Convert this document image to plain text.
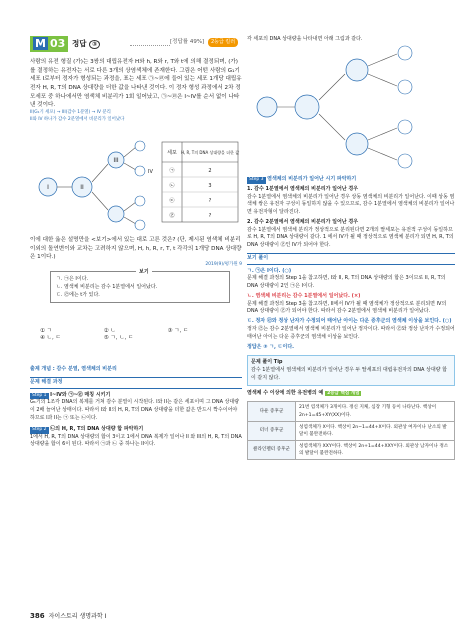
M 03 정답 ③	[정답률 49%]	2등급 킬러

사람의 유전 형질 (가)는 3쌍의 대립유전자 H와 h, R와 r, T와 t에 의해 결정되며, (가)를 결정하는 유전자는 서로 다른 3개의 상염색체에 존재한다. 그림은 어떤 사람의 G₁기 세포 I로부터 정자가 형성되는 과정을, 표는 세포 ㉠~㉣에 들어 있는 세포 1개당 대립유전자 H, R, T의 DNA 상대량을 더한 값을 나타낸 것이다. 이 정자 형성 과정에서 2차 정모세포 중 하나에서만 염색체 비분리가 1회 일어났고, ㉠~㉣은 I~IV를 순서 없이 나타낸 것이다.

II(G₁기 세포) → III(감수 1분열) → IV 분리

II와 IV 하나가 감수 2분열에서 비분리가 일어났다

I	II
III
IV
세포 H, R, T의 DNA 상대량을 더한 값
㉠	2
㉡	3
㉢	?
㉣	?

이에 대한 옳은 설명만을 <보기>에서 있는 대로 고른 것은? (단, 제시된 염색체 비분리 이외의 돌연변이와 교차는 고려하지 않으며, H, h, R, r, T, t 각각의 1개당 DNA 상대량은 1이다.)

2019(9)/평가원 9

보기

ㄱ. ㉠은 I이다.

ㄴ. 염색체 비분리는 감수 1분열에서 일어났다.

ㄷ. ㉣에는 t가 있다.

① ㄱ	② ㄴ	③ ㄱ, ㄷ
④ ㄴ, ㄷ	⑤ ㄱ, ㄴ, ㄷ

출제 개념 : 감수 분열, 염색체의 비분리

문제 해결 과정

Step 1 I~IV와 ㉠~㉣ 매칭 시키기

G₁기의 1조각 DNA의 복제를 거쳐 감수 분열이 시작된다. I와 II는 같은 세포이며 그 DNA 상대량이 2배 늘어난 상태이다. 따라서 I와 II의 H, R, T의 DNA 상대량을 더한 값은 반드시 짝수이어야 하므로 I과 II는 ㉠ 또는 ㉡이다.

Step 2 ㉡의 H, R, T의 DNA 상대량 합 파악하기

1에서 H, R, T의 DNA 상대량의 합이 3이고 1에서 DNA 복제가 일어나 II 와 III의 H, R, T의 DNA 상대량을 합이 6이 된다. 따라서 ㉠과 ㉡ 중 하나는 II이다.

각 세포의 DNA 상대량을 나타내면 아래 그림과 같다.

Step 3 염색체의 비분리가 일어난 시기 파악하기

1. 감수 1분열에서 염색체의 비분리가 일어난 경우

감수 1분열에서 염색체의 비분리가 일어난 경우 상동 염색체의 비분리가 일어난다. 이때 상동 염색체 쌍은 유전자 구성이 동일하지 않을 수 있으므로, 감수 1분열에서 염색체의 비분리가 일어나면 유전자형이 달라진다.

2. 감수 2분열에서 염색체의 비분리가 일어난 경우

감수 1분열에서 염색체 분리가 정상적으로 분리된다면 2개의 딸세포는 유전적 구성이 동일하므로 H, R, T의 DNA 상대량이 같다. 1 에서 IV가 될 때 정상적으로 염색체 분리가 되면 H, R, T의 DNA 상대량이 ㉣인 IV가 되어야 한다.

보기 풀이

ㄱ. ㉠은 I이다. (○)

문제 해결 과정의 Step 1을 참고하면, I와 II, R, T의 DNA 상대량의 합은 3이므로 II, R, T의 DNA 상대량이 2인 ㉠은 I이다.

ㄴ. 염색체 비분리는 감수 1분열에서 일어났다. (×)

문제 해결 과정의 Step 3을 참고하면, II에서 IV가 될 때 염색체가 정상적으로 분리되면 IV의 DNA 상대량이 ㉣가 되어야 한다. 따라서 감수 2분열에서 염색체 비분리가 일어났다.

ㄷ. 정자 ㉣와 정상 난자가 수정되어 태어난 아이는 다운 증후군의 염색체 이상을 보인다. (○)

정자 ㉣는 감수 2분열에서 염색체 비분리가 일어난 정자이다. 따라서 ㉣와 정상 난자가 수정되어 태어난 아이는 다운 증후군의 염색체 이상을 보인다.

정답은 ③ ㄱ, ㄷ이다.

문제 풀이 Tip

감수 1분열에서 염색체의 비분리가 일어난 경우 두 딸세포의 대립유전자의 DNA 상대량 합이 같지 않다.

염색체 수 이상에 의한 유전병의 예 2등급 핵심 개념

다운 증후군	21번 염색체가 3개이다. 정신 지체, 심장 기형 등이 나타난다. 핵상이 2n+1=45+XY(XX)이다.
터너 증후군	성염색체가 X이다. 핵상이 2n−1=44+X이다. 외관상 여자이나 난소의 발달이 불완전하다.
클라인펠터 증후군	성염색체가 XXY이다. 핵상이 2n+1=44+XXY이다. 외관상 남자이나 정소의 발달이 불완전하다.
386 자이스토리 생명과학 I
